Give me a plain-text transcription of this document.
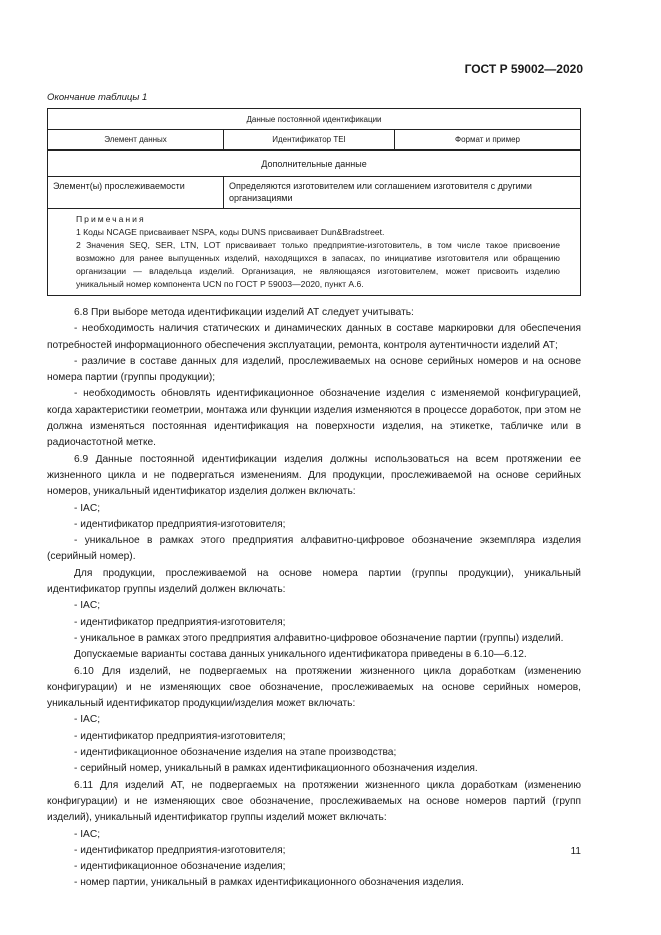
ГОСТ Р 59002—2020
Окончание таблицы 1
Данные постоянной идентификации		
Элемент данных	Идентификатор TEI	Формат и пример
Дополнительные данные		
Элемент(ы) прослеживаемости	Определяются изготовителем или соглашением изготовителя с другими организациями	

Примечания
1 Коды NCAGE присваивает NSPA, коды DUNS присваивает Dun&Bradstreet.
2 Значения SEQ, SER, LTN, LOT присваивает только предприятие-изготовитель, в том числе такое присвоение возможно для ранее выпущенных изделий, находящихся в запасах, по инициативе изготовителя или обращению организации — владельца изделий. Организация, не являющаяся изготовителем, может присвоить изделию уникальный номер компонента UCN по ГОСТ Р 59003—2020, пункт А.6.		

6.8 При выборе метода идентификации изделий АТ следует учитывать:

- необходимость наличия статических и динамических данных в составе маркировки для обеспечения потребностей информационного обеспечения эксплуатации, ремонта, контроля аутентичности изделий АТ;

- различие в составе данных для изделий, прослеживаемых на основе серийных номеров и на основе номера партии (группы продукции);

- необходимость обновлять идентификационное обозначение изделия с изменяемой конфигурацией, когда характеристики геометрии, монтажа или функции изделия изменяются в процессе доработок, при этом не должна изменяться постоянная идентификация на поверхности изделия, на этикетке, табличке или в радиочастотной метке.

6.9 Данные постоянной идентификации изделия должны использоваться на всем протяжении ее жизненного цикла и не подвергаться изменениям. Для продукции, прослеживаемой на основе серийных номеров, уникальный идентификатор изделия должен включать:

- IAC;

- идентификатор предприятия-изготовителя;

- уникальное в рамках этого предприятия алфавитно-цифровое обозначение экземпляра изделия (серийный номер).

Для продукции, прослеживаемой на основе номера партии (группы продукции), уникальный идентификатор группы изделий должен включать:

- IAC;

- идентификатор предприятия-изготовителя;

- уникальное в рамках этого предприятия алфавитно-цифровое обозначение партии (группы) изделий.

Допускаемые варианты состава данных уникального идентификатора приведены в 6.10—6.12.

6.10 Для изделий, не подвергаемых на протяжении жизненного цикла доработкам (изменению конфигурации) и не изменяющих свое обозначение, прослеживаемых на основе серийных номеров, уникальный идентификатор продукции/изделия может включать:

- IAC;

- идентификатор предприятия-изготовителя;

- идентификационное обозначение изделия на этапе производства;

- серийный номер, уникальный в рамках идентификационного обозначения изделия.

6.11 Для изделий АТ, не подвергаемых на протяжении жизненного цикла доработкам (изменению конфигурации) и не изменяющих свое обозначение, прослеживаемых на основе номеров партий (групп изделий), уникальный идентификатор группы изделий может включать:

- IAC;

- идентификатор предприятия-изготовителя;

- идентификационное обозначение изделия;

- номер партии, уникальный в рамках идентификационного обозначения изделия.

11
